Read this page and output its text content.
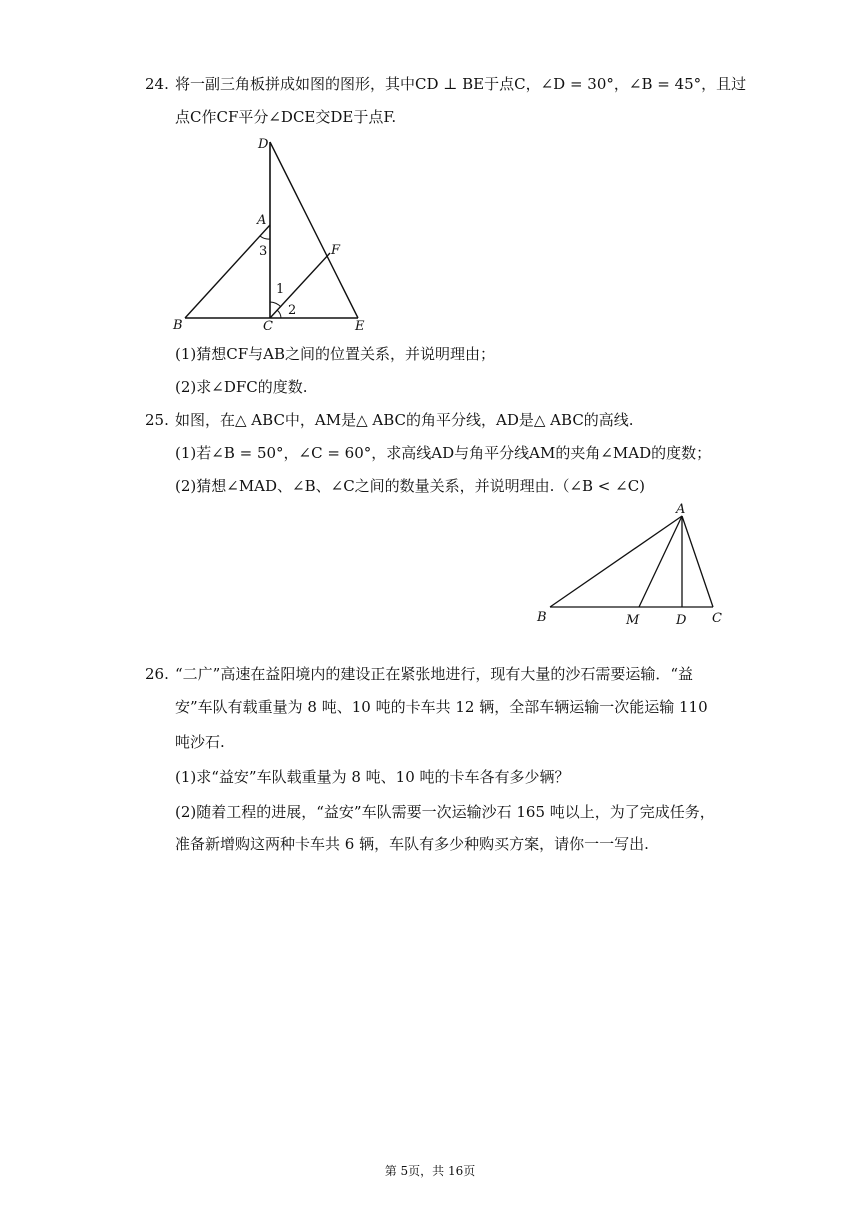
24. 将一副三角板拼成如图的图形，其中CD ⊥ BE于点C，∠D = 30°，∠B = 45°，且过
点C作CF平分∠DCE交DE于点F.
D
A
F
B	C	E
3
1
2
(1)猜想CF与AB之间的位置关系，并说明理由；
(2)求∠DFC的度数.
25. 如图，在△ ABC中，AM是△ ABC的角平分线，AD是△ ABC的高线.
(1)若∠B = 50°，∠C = 60°，求高线AD与角平分线AM的夹角∠MAD的度数；
(2)猜想∠MAD、∠B、∠C之间的数量关系，并说明理由.（∠B < ∠C)
A
B	M	D C
26. “二广”高速在益阳境内的建设正在紧张地进行，现有大量的沙石需要运输．“益
安”车队有载重量为 8 吨、10 吨的卡车共 12 辆，全部车辆运输一次能运输 110
吨沙石.
(1)求“益安”车队载重量为 8 吨、10 吨的卡车各有多少辆？
(2)随着工程的进展，“益安”车队需要一次运输沙石 165 吨以上，为了完成任务，
准备新增购这两种卡车共 6 辆，车队有多少种购买方案，请你一一写出.
第 5页，共 16页
